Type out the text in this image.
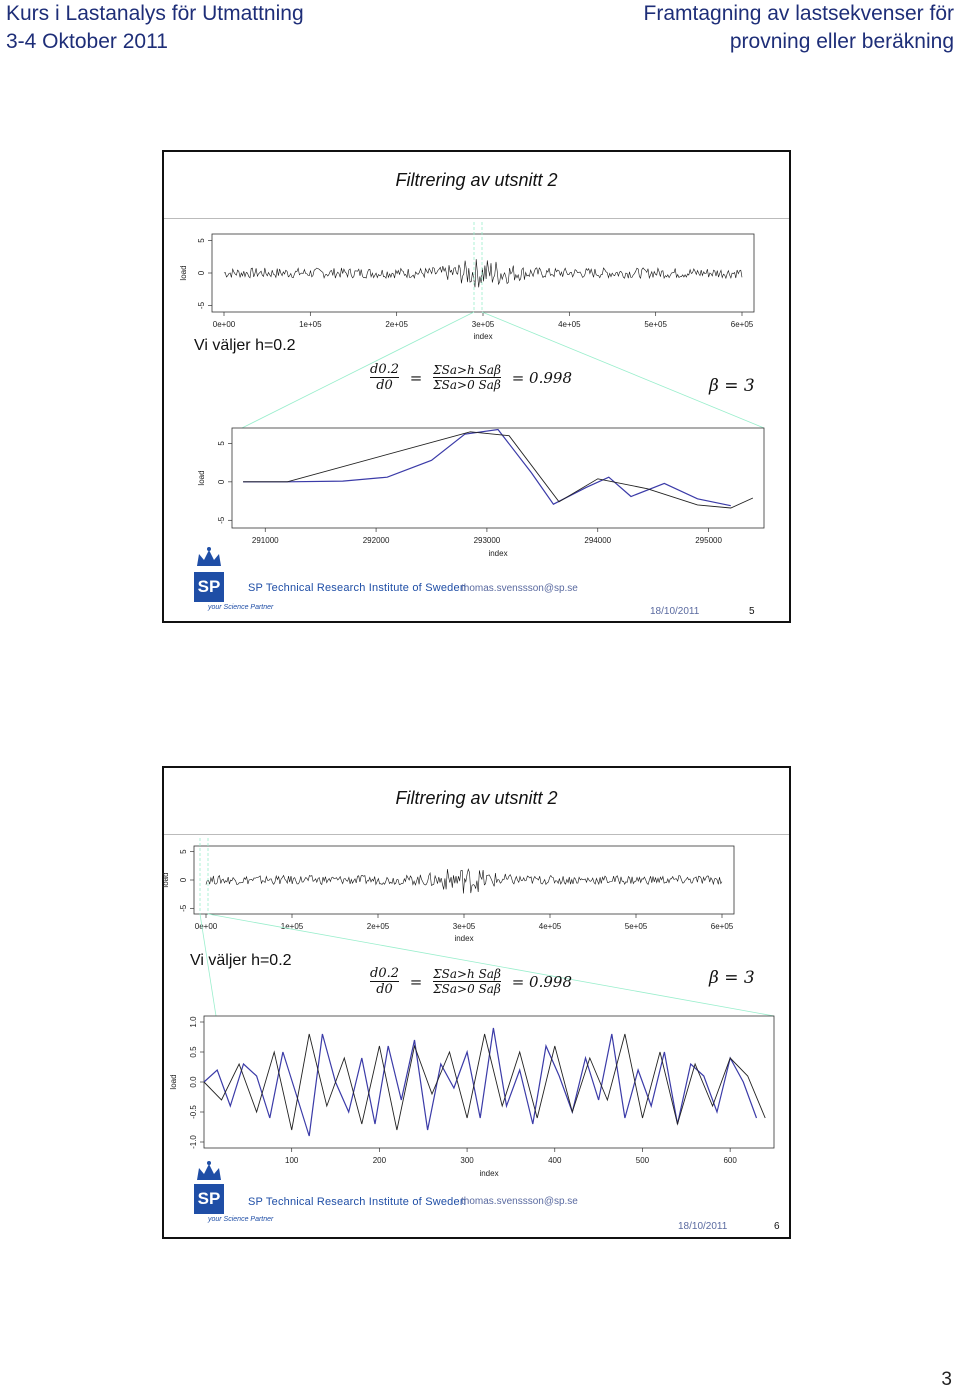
Kurs i Lastanalys för Utmattning
3-4 Oktober 2011
Framtagning av lastsekvenser för
provning eller beräkning
Filtrering av utsnitt 2
-5
0
5
load
0e+00	1e+05	2e+05	3e+05	4e+05	5e+05	6e+05
index
-5
0
5
load
291000	292000	293000	294000	295000
index
Vi väljer h=0.2
$\frac{d0.2}{d0} = \Sigma Sa>h$ Saβ
ΣSa>0 Saβ = 0.998	β = 3
SP
your Science Partner
SP Technical Research Institute of Sweden
thomas.svenssson@sp.se
18/10/2011	5
Filtrering av utsnitt 2
-5
0
5
load
0e+00	1e+05	2e+05	3e+05	4e+05	5e+05	6e+05
index
-1.0
-0.5
0.0
0.5
1.0
load
100	200	300	400	500	600
index
Vi väljer h=0.2
$\frac{d0.2}{d0} = \Sigma Sa>h$ Saβ
ΣSa>0 Saβ = 0.998	β = 3
SP
your Science Partner
SP Technical Research Institute of Sweden
thomas.svenssson@sp.se
18/10/2011	6
3
